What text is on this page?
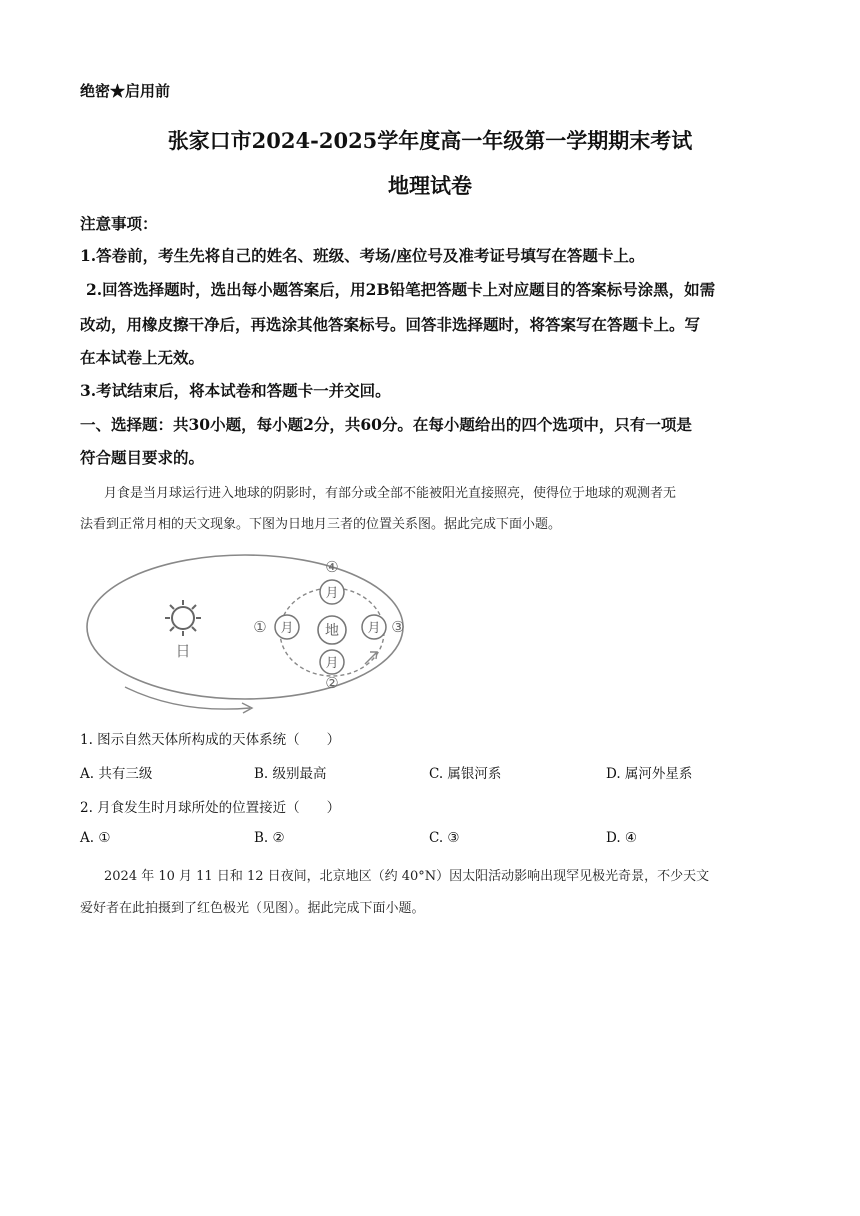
绝密★启用前
张家口市2024-2025学年度高一年级第一学期期末考试
地理试卷
注意事项：
1.答卷前，考生先将自己的姓名、班级、考场/座位号及准考证号填写在答题卡上。
2.回答选择题时，选出每小题答案后，用2B铅笔把答题卡上对应题目的答案标号涂黑，如需
改动，用橡皮擦干净后，再选涂其他答案标号。回答非选择题时，将答案写在答题卡上。写
在本试卷上无效。
3.考试结束后，将本试卷和答题卡一并交回。
一、选择题：共30小题，每小题2分，共60分。在每小题给出的四个选项中，只有一项是
符合题目要求的。
月食是当月球运行进入地球的阴影时，有部分或全部不能被阳光直接照亮，使得位于地球的观测者无
法看到正常月相的天文现象。下图为日地月三者的位置关系图。据此完成下面小题。
日
地
月
月
月	月
④
②
①	③
1. 图示自然天体所构成的天体系统（　　）
A. 共有三级	B. 级别最高	C. 属银河系	D. 属河外星系
2. 月食发生时月球所处的位置接近（　　）
A. ①	B. ②	C. ③	D. ④
2024 年 10 月 11 日和 12 日夜间，北京地区（约 40°N）因太阳活动影响出现罕见极光奇景，不少天文
爱好者在此拍摄到了红色极光（见图）。据此完成下面小题。
